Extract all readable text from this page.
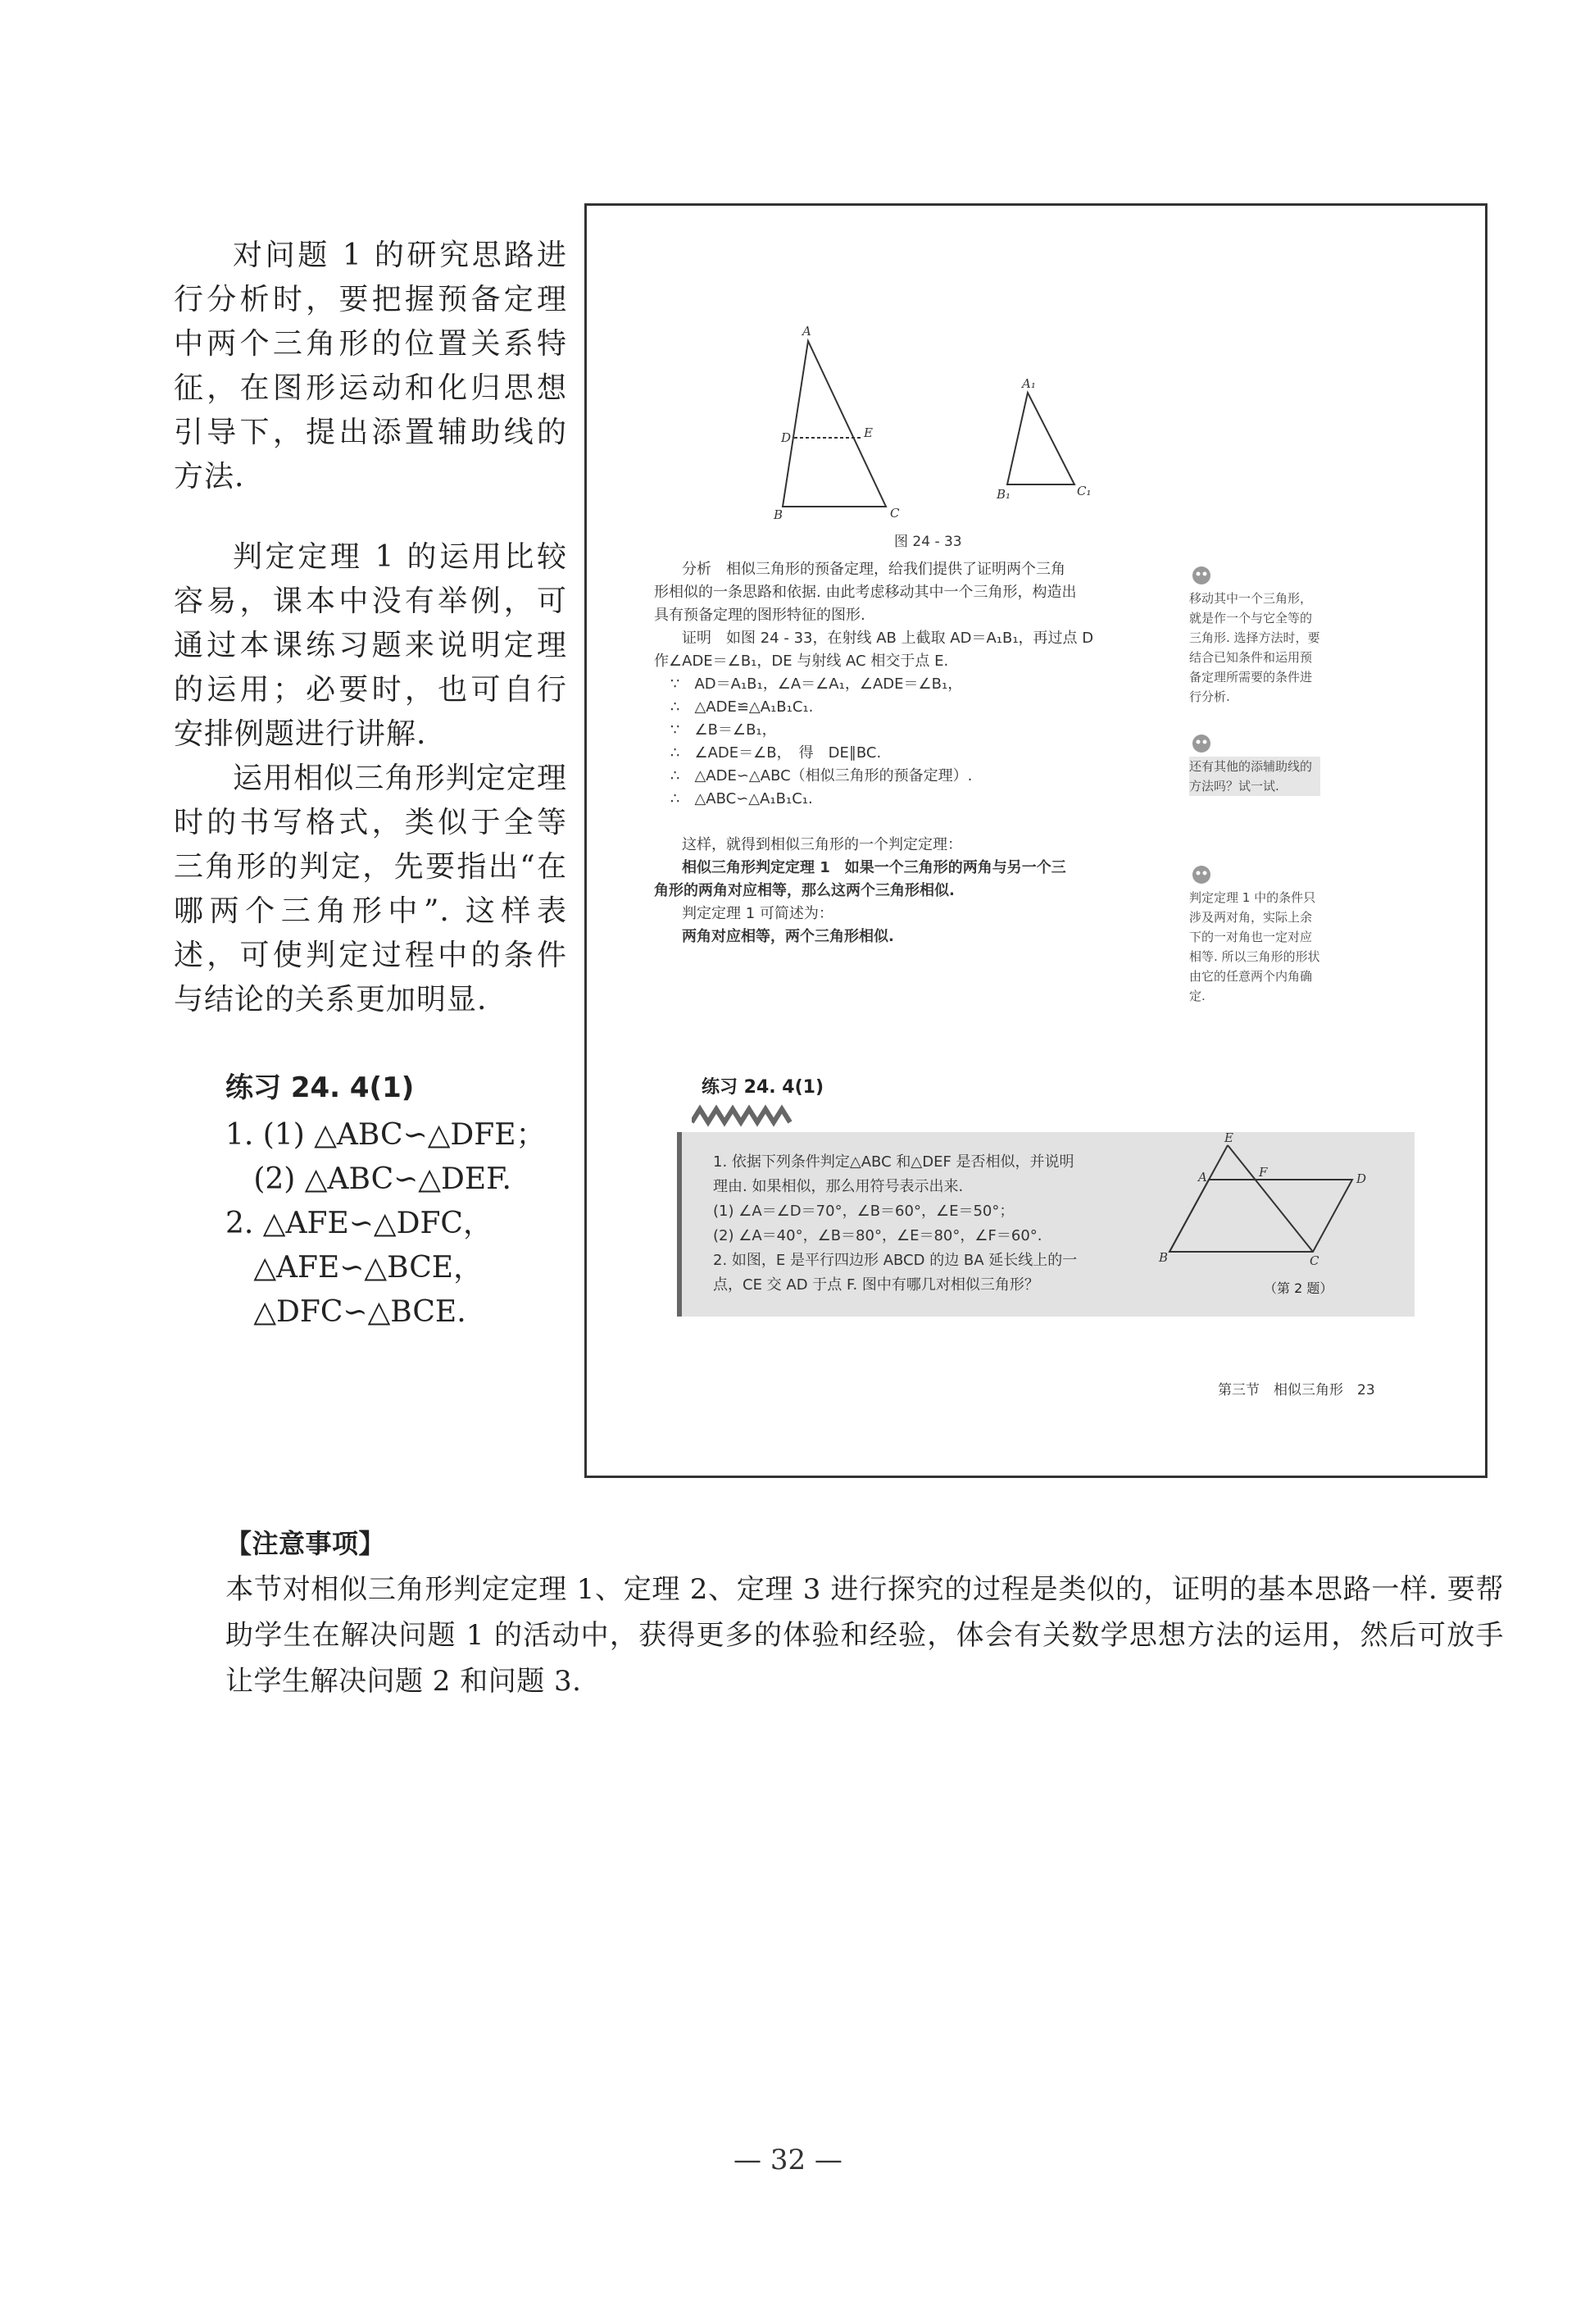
对问题 1 的研究思路进行分析时，要把握预备定理中两个三角形的位置关系特征，在图形运动和化归思想引导下，提出添置辅助线的方法.

判定定理 1 的运用比较容易，课本中没有举例，可通过本课练习题来说明定理的运用；必要时，也可自行安排例题进行讲解.

运用相似三角形判定定理时的书写格式，类似于全等三角形的判定，先要指出“在哪两个三角形中”. 这样表述，可使判定过程中的条件与结论的关系更加明显.

练习 24. 4(1)
1. (1) △ABC∽△DFE；
(2) △ABC∽△DEF.
2. △AFE∽△DFC，
△AFE∽△BCE，
△DFC∽△BCE.
A
B	C
D	E
A₁
B₁	C₁
图 24 - 33
分析　相似三角形的预备定理，给我们提供了证明两个三角
形相似的一条思路和依据. 由此考虑移动其中一个三角形，构造出
具有预备定理的图形特征的图形.
证明　如图 24 - 33，在射线 AB 上截取 AD＝A₁B₁，再过点 D
作∠ADE＝∠B₁，DE 与射线 AC 相交于点 E.
∵　AD＝A₁B₁，∠A＝∠A₁，∠ADE＝∠B₁，
∴　△ADE≌△A₁B₁C₁.
∵　∠B＝∠B₁，
∴　∠ADE＝∠B，　得　DE∥BC.
∴　△ADE∽△ABC（相似三角形的预备定理）.
∴　△ABC∽△A₁B₁C₁.
这样，就得到相似三角形的一个判定定理：
相似三角形判定定理 1　如果一个三角形的两角与另一个三
角形的两角对应相等，那么这两个三角形相似.
判定定理 1 可简述为：
两角对应相等，两个三角形相似.
移动其中一个三角形，就是作一个与它全等的三角形. 选择方法时，要结合已知条件和运用预备定理所需要的条件进行分析.
还有其他的添辅助线的方法吗？试一试.
判定定理 1 中的条件只涉及两对角，实际上余下的一对角也一定对应相等. 所以三角形的形状由它的任意两个内角确定.
练习 24. 4(1)
1. 依据下列条件判定△ABC 和△DEF 是否相似，并说明
理由. 如果相似，那么用符号表示出来.
(1) ∠A＝∠D＝70°，∠B＝60°，∠E＝50°；
(2) ∠A＝40°，∠B＝80°，∠E＝80°，∠F＝60°.
2. 如图，E 是平行四边形 ABCD 的边 BA 延长线上的一
点，CE 交 AD 于点 F. 图中有哪几对相似三角形？
E
A	F	D
B	C
（第 2 题）
第三节　相似三角形　23
【注意事项】
本节对相似三角形判定定理 1、定理 2、定理 3 进行探究的过程是类似的，证明的基本思路一样. 要帮助学生在解决问题 1 的活动中，获得更多的体验和经验，体会有关数学思想方法的运用，然后可放手让学生解决问题 2 和问题 3.
— 32 —
